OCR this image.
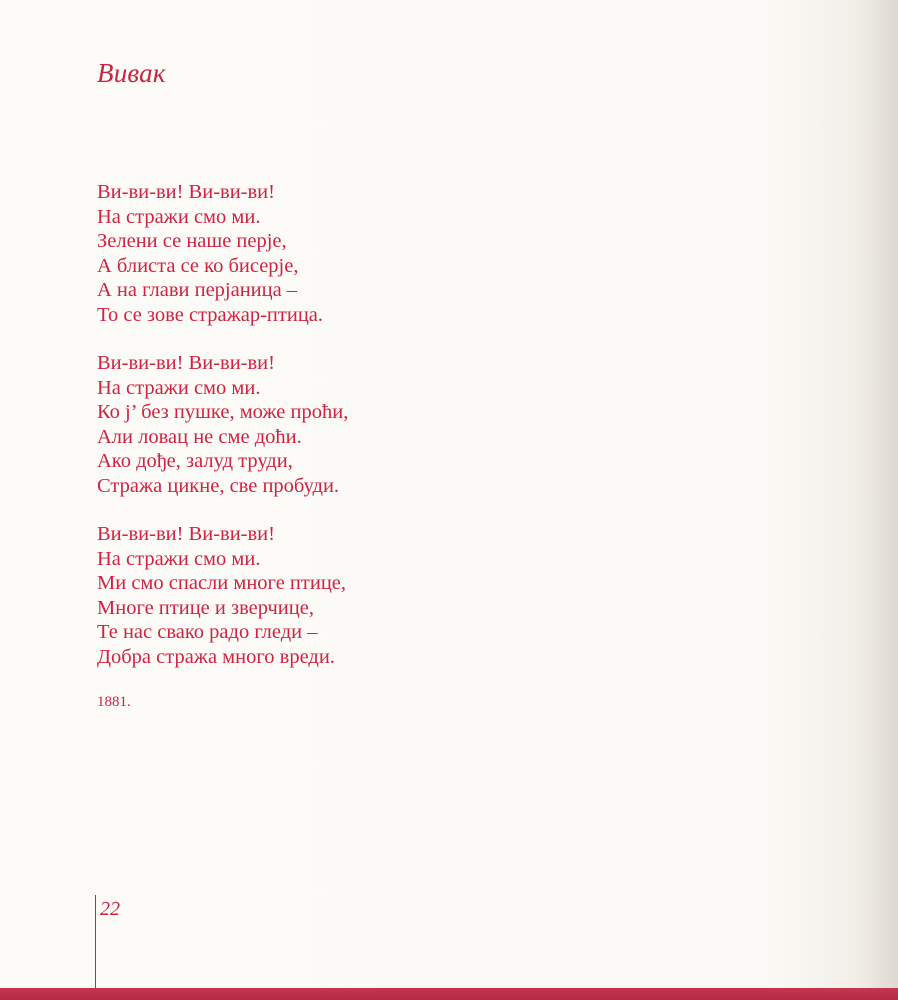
Вивак
Ви-ви-ви! Ви-ви-ви!
На стражи смо ми.
Зелени се наше перје,
А блиста се ко бисерје,
А на глави перјаница –
То се зове стражар-птица.
Ви-ви-ви! Ви-ви-ви!
На стражи смо ми.
Ко ј’ без пушке, може проћи,
Али ловац не сме доћи.
Ако дође, залуд труди,
Стража цикне, све пробуди.
Ви-ви-ви! Ви-ви-ви!
На стражи смо ми.
Ми смо спасли многе птице,
Многе птице и зверчице,
Те нас свако радо гледи –
Добра стража много вреди.
1881.
22
